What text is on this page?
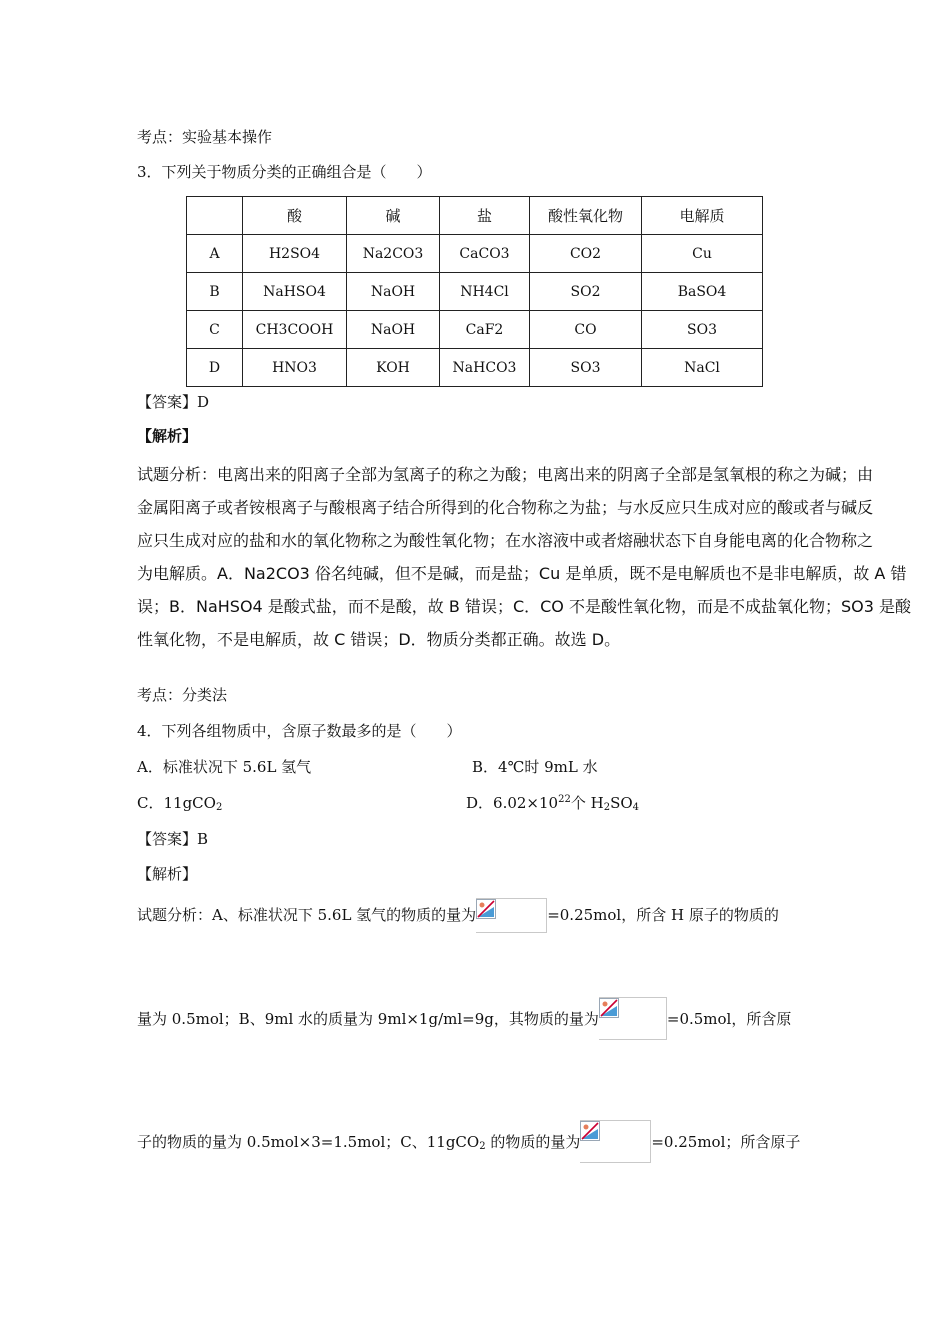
考点：实验基本操作
3．下列关于物质分类的正确组合是（　　）
	酸	碱	盐	酸性氧化物	电解质
A	H2SO4	Na2CO3	CaCO3	CO2	Cu
B	NaHSO4	NaOH	NH4Cl	SO2	BaSO4
C	CH3COOH	NaOH	CaF2	CO	SO3
D	HNO3	KOH	NaHCO3	SO3	NaCl
【答案】D
【解析】

试题分析：电离出来的阳离子全部为氢离子的称之为酸；电离出来的阴离子全部是氢氧根的称之为碱；由

金属阳离子或者铵根离子与酸根离子结合所得到的化合物称之为盐；与水反应只生成对应的酸或者与碱反

应只生成对应的盐和水的氧化物称之为酸性氧化物；在水溶液中或者熔融状态下自身能电离的化合物称之

为电解质。A．Na2CO3 俗名纯碱，但不是碱，而是盐；Cu 是单质，既不是电解质也不是非电解质，故 A 错

误；B．NaHSO4 是酸式盐，而不是酸，故 B 错误；C．CO 不是酸性氧化物，而是不成盐氧化物；SO3 是酸

性氧化物，不是电解质，故 C 错误；D．物质分类都正确。故选 D。

考点：分类法
4．下列各组物质中，含原子数最多的是（　　）
A．标准状况下 5.6L 氢气	B．4℃时 9mL 水
C．11gCO$_2$	D．$6.02\times 10^{22}$个 $H_2SO_4$
【答案】B
【解析】
试题分析：A、标准状况下 5.6L 氢气的物质的量为	=0.25mol，所含 H 原子的物质的
量为 0.5mol；B、9ml 水的质量为 9ml×1g/ml=9g，其物质的量为	=0.5mol，所含原
子的物质的量为 0.5mol×3=1.5mol；C、11gCO$_2$ 的物质的量为	=0.25mol；所含原子
